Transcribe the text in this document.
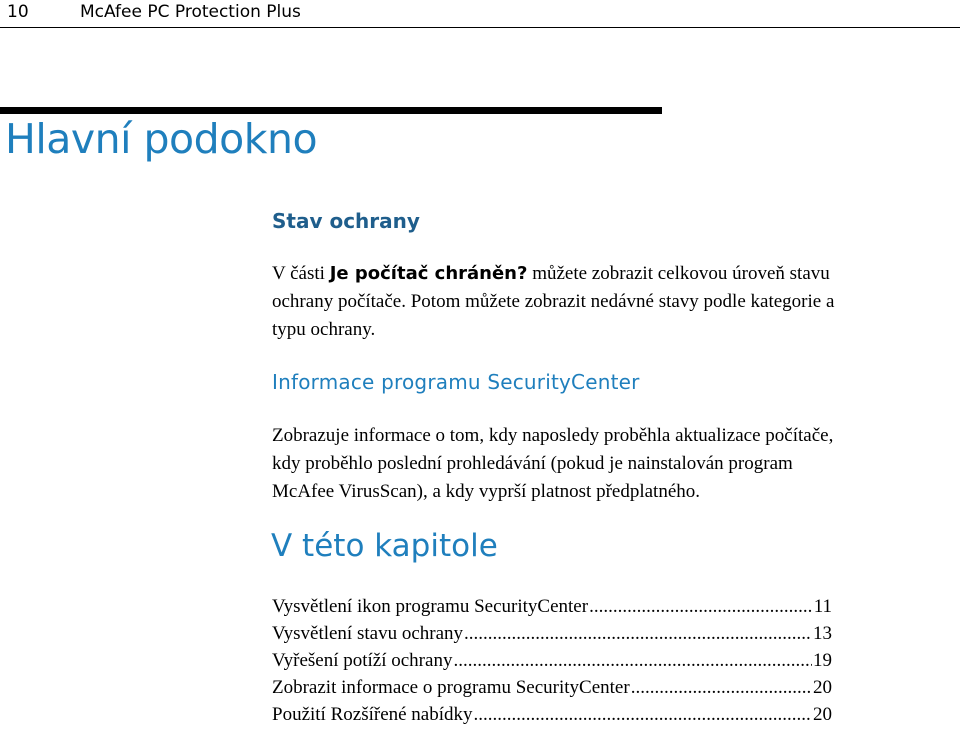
10	McAfee PC Protection Plus
Hlavní podokno
Stav ochrany
V části Je počítač chráněn? můžete zobrazit celkovou úroveň stavu
ochrany počítače. Potom můžete zobrazit nedávné stavy podle kategorie a
typu ochrany.
Informace programu SecurityCenter
Zobrazuje informace o tom, kdy naposledy proběhla aktualizace počítače,
kdy proběhlo poslední prohledávání (pokud je nainstalován program
McAfee VirusScan), a kdy vyprší platnost předplatného.
V této kapitole
Vysvětlení ikon programu SecurityCenter .....	11
Vysvětlení stavu ochrany .....	13
Vyřešení potíží ochrany .....	19
Zobrazit informace o programu SecurityCenter .....	20
Použití Rozšířené nabídky .....	20
